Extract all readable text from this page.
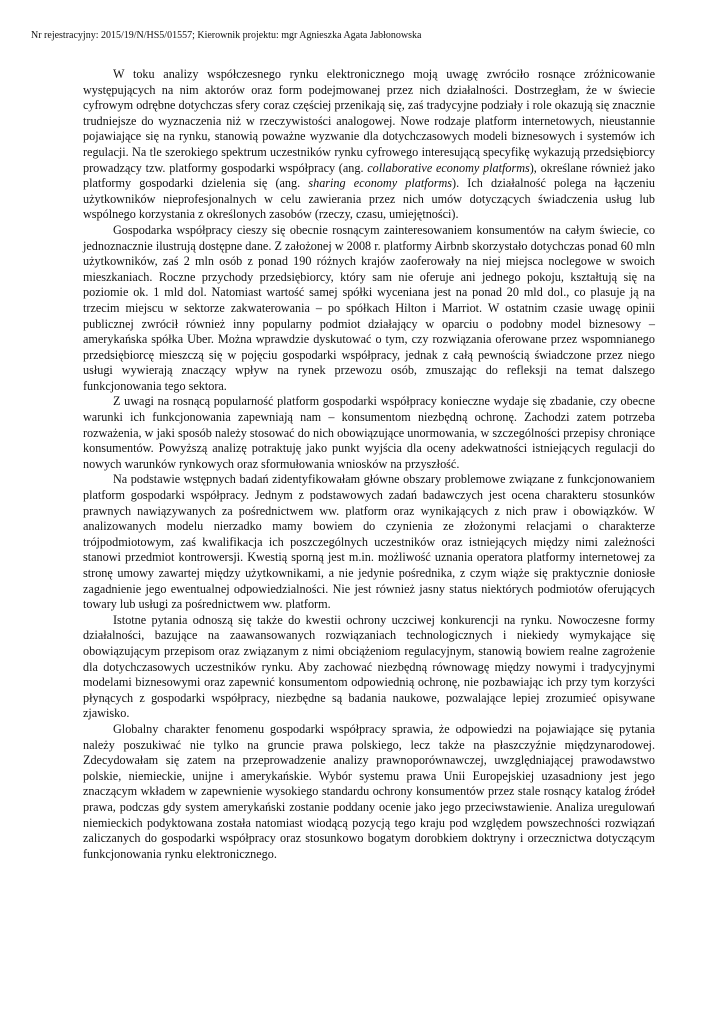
Nr rejestracyjny: 2015/19/N/HS5/01557; Kierownik projektu: mgr Agnieszka Agata Jabłonowska

W toku analizy współczesnego rynku elektronicznego moją uwagę zwróciło rosnące zróżnicowanie występujących na nim aktorów oraz form podejmowanej przez nich działalności. Dostrzegłam, że w świecie cyfrowym odrębne dotychczas sfery coraz częściej przenikają się, zaś tradycyjne podziały i role okazują się znacznie trudniejsze do wyznaczenia niż w rzeczywistości analogowej. Nowe rodzaje platform internetowych, nieustannie pojawiające się na rynku, stanowią poważne wyzwanie dla dotychczasowych modeli biznesowych i systemów ich regulacji. Na tle szerokiego spektrum uczestników rynku cyfrowego interesującą specyfikę wykazują przedsiębiorcy prowadzący tzw. platformy gospodarki współpracy (ang. collaborative economy platforms), określane również jako platformy gospodarki dzielenia się (ang. sharing economy platforms). Ich działalność polega na łączeniu użytkowników nieprofesjonalnych w celu zawierania przez nich umów dotyczących świadczenia usług lub wspólnego korzystania z określonych zasobów (rzeczy, czasu, umiejętności).

Gospodarka współpracy cieszy się obecnie rosnącym zainteresowaniem konsumentów na całym świecie, co jednoznacznie ilustrują dostępne dane. Z założonej w 2008 r. platformy Airbnb skorzystało dotychczas ponad 60 mln użytkowników, zaś 2 mln osób z ponad 190 różnych krajów zaoferowały na niej miejsca noclegowe w swoich mieszkaniach. Roczne przychody przedsiębiorcy, który sam nie oferuje ani jednego pokoju, kształtują się na poziomie ok. 1 mld dol. Natomiast wartość samej spółki wyceniana jest na ponad 20 mld dol., co plasuje ją na trzecim miejscu w sektorze zakwaterowania – po spółkach Hilton i Marriot. W ostatnim czasie uwagę opinii publicznej zwrócił również inny popularny podmiot działający w oparciu o podobny model biznesowy – amerykańska spółka Uber. Można wprawdzie dyskutować o tym, czy rozwiązania oferowane przez wspomnianego przedsiębiorcę mieszczą się w pojęciu gospodarki współpracy, jednak z całą pewnością świadczone przez niego usługi wywierają znaczący wpływ na rynek przewozu osób, zmuszając do refleksji na temat dalszego funkcjonowania tego sektora.

Z uwagi na rosnącą popularność platform gospodarki współpracy konieczne wydaje się zbadanie, czy obecne warunki ich funkcjonowania zapewniają nam – konsumentom niezbędną ochronę. Zachodzi zatem potrzeba rozważenia, w jaki sposób należy stosować do nich obowiązujące unormowania, w szczególności przepisy chroniące konsumentów. Powyższą analizę potraktuję jako punkt wyjścia dla oceny adekwatności istniejących regulacji do nowych warunków rynkowych oraz sformułowania wniosków na przyszłość.

Na podstawie wstępnych badań zidentyfikowałam główne obszary problemowe związane z funkcjonowaniem platform gospodarki współpracy. Jednym z podstawowych zadań badawczych jest ocena charakteru stosunków prawnych nawiązywanych za pośrednictwem ww. platform oraz wynikających z nich praw i obowiązków. W analizowanych modelu nierzadko mamy bowiem do czynienia ze złożonymi relacjami o charakterze trójpodmiotowym, zaś kwalifikacja ich poszczególnych uczestników oraz istniejących między nimi zależności stanowi przedmiot kontrowersji. Kwestią sporną jest m.in. możliwość uznania operatora platformy internetowej za stronę umowy zawartej między użytkownikami, a nie jedynie pośrednika, z czym wiąże się praktycznie doniosłe zagadnienie jego ewentualnej odpowiedzialności. Nie jest również jasny status niektórych podmiotów oferujących towary lub usługi za pośrednictwem ww. platform.

Istotne pytania odnoszą się także do kwestii ochrony uczciwej konkurencji na rynku. Nowoczesne formy działalności, bazujące na zaawansowanych rozwiązaniach technologicznych i niekiedy wymykające się obowiązującym przepisom oraz związanym z nimi obciążeniom regulacyjnym, stanowią bowiem realne zagrożenie dla dotychczasowych uczestników rynku. Aby zachować niezbędną równowagę między nowymi i tradycyjnymi modelami biznesowymi oraz zapewnić konsumentom odpowiednią ochronę, nie pozbawiając ich przy tym korzyści płynących z gospodarki współpracy, niezbędne są badania naukowe, pozwalające lepiej zrozumieć opisywane zjawisko.

Globalny charakter fenomenu gospodarki współpracy sprawia, że odpowiedzi na pojawiające się pytania należy poszukiwać nie tylko na gruncie prawa polskiego, lecz także na płaszczyźnie międzynarodowej. Zdecydowałam się zatem na przeprowadzenie analizy prawnoporównawczej, uwzględniającej prawodawstwo polskie, niemieckie, unijne i amerykańskie. Wybór systemu prawa Unii Europejskiej uzasadniony jest jego znaczącym wkładem w zapewnienie wysokiego standardu ochrony konsumentów przez stale rosnący katalog źródeł prawa, podczas gdy system amerykański zostanie poddany ocenie jako jego przeciwstawienie. Analiza uregulowań niemieckich podyktowana została natomiast wiodącą pozycją tego kraju pod względem powszechności rozwiązań zaliczanych do gospodarki współpracy oraz stosunkowo bogatym dorobkiem doktryny i orzecznictwa dotyczącym funkcjonowania rynku elektronicznego.
